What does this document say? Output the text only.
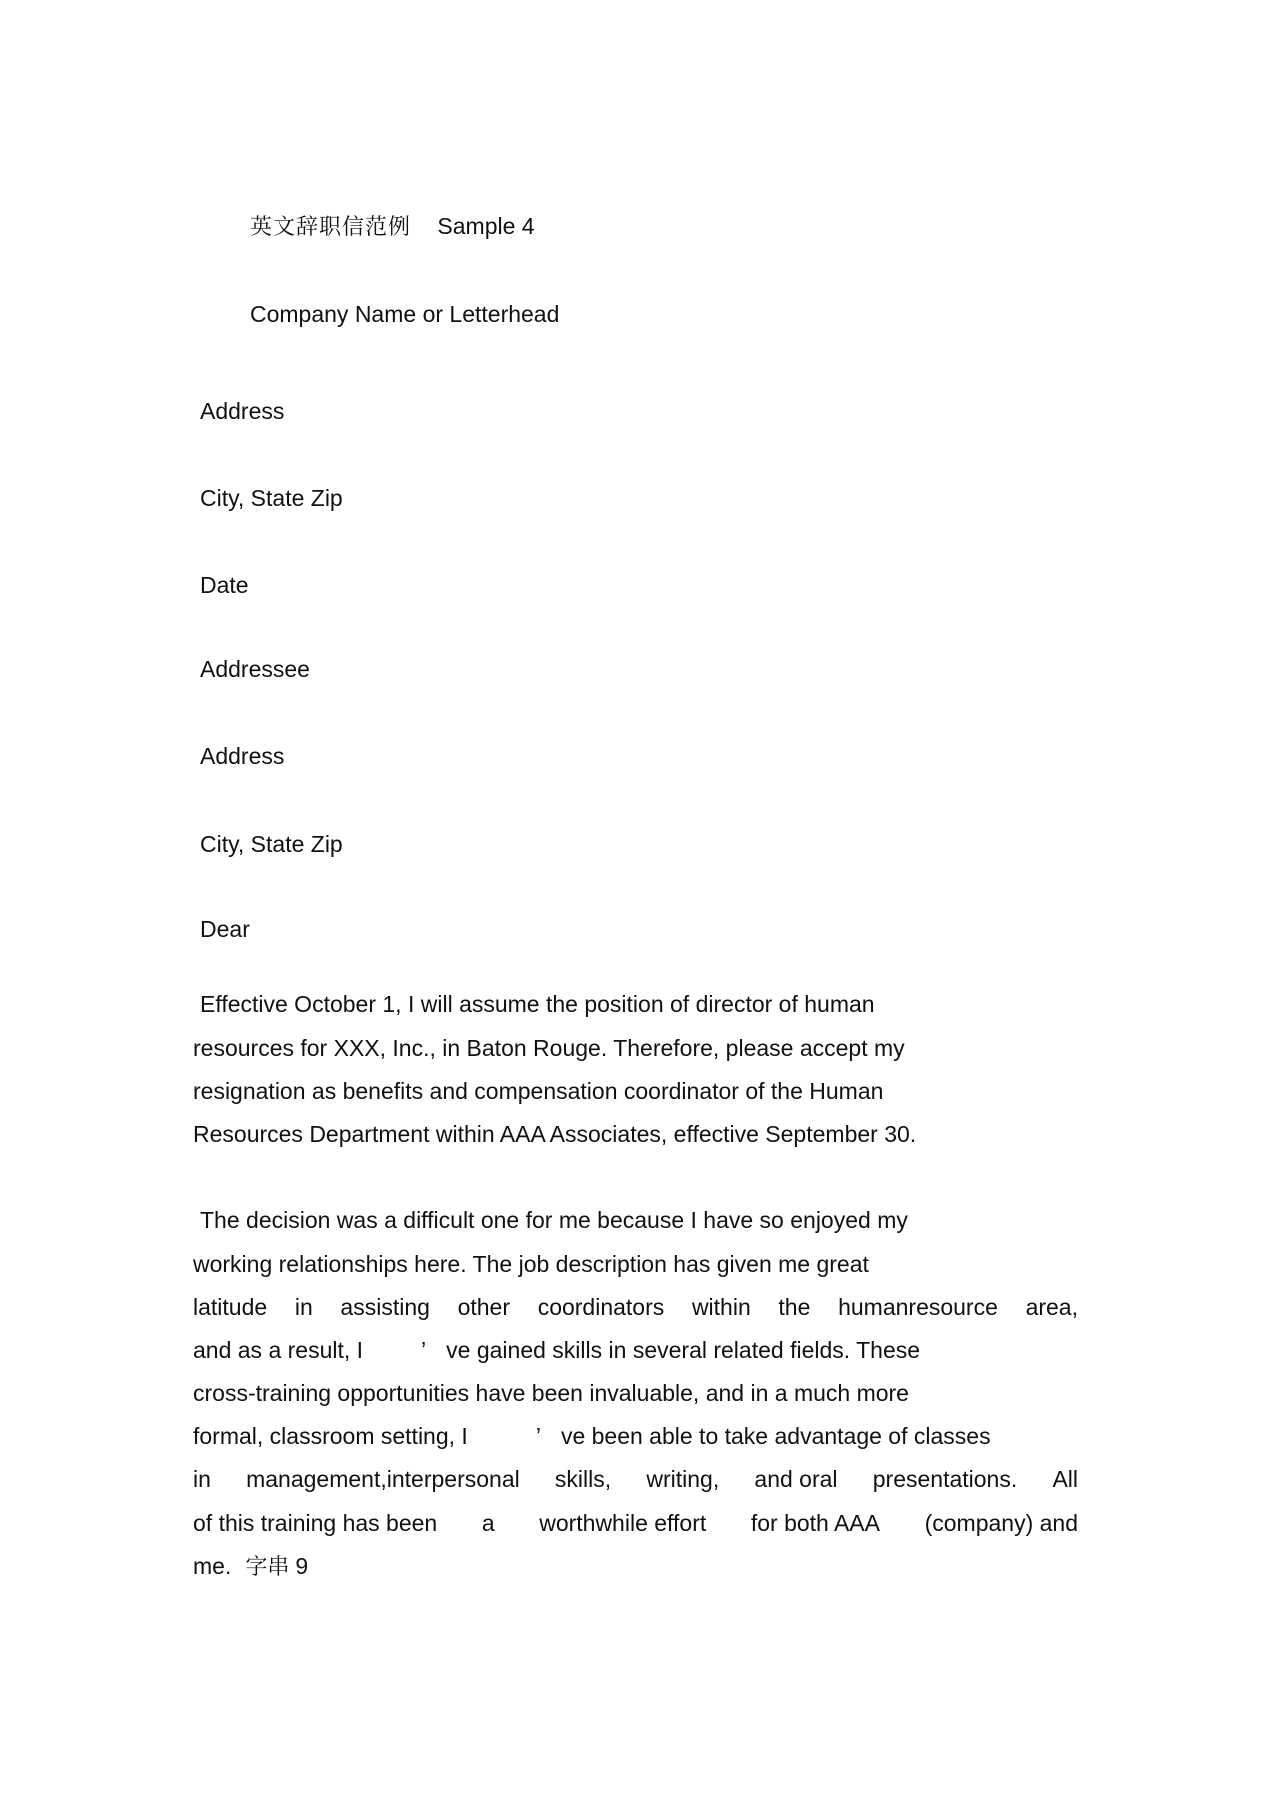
英文辞职信范例 Sample 4
Company Name or Letterhead
Address
City, State Zip
Date
Addressee
Address
City, State Zip
Dear
Effective October 1, I will assume the position of director of human
resources for XXX, Inc., in Baton Rouge. Therefore, please accept my
resignation as benefits and compensation coordinator of the Human
Resources Department within AAA Associates, effective September 30.
The decision was a difficult one for me because I have so enjoyed my
working relationships here. The job description has given me great
latitude in assisting other coordinators within the humanresource area,
and as a result, I	’ ve gained skills in several related fields. These
cross-training opportunities have been invaluable, and in a much more
formal, classroom setting, I	’ ve been able to take advantage of classes
in management,interpersonal skills, writing, and oral presentations. All
of this training has been a worthwhile effort for both AAA (company) and
me. 字串 9
